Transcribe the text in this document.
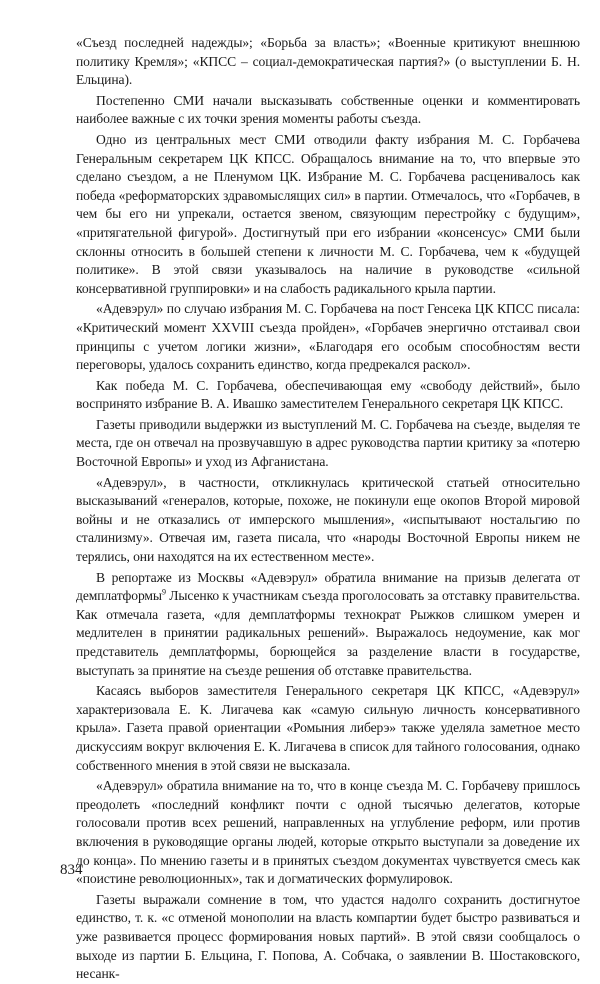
«Съезд последней надежды»; «Борьба за власть»; «Военные критикуют внешнюю политику Кремля»; «КПСС – социал-демократическая партия?» (о выступлении Б. Н. Ельцина).

Постепенно СМИ начали высказывать собственные оценки и комментировать наиболее важные с их точки зрения моменты работы съезда.

Одно из центральных мест СМИ отводили факту избрания М. С. Горбачева Генеральным секретарем ЦК КПСС. Обращалось внимание на то, что впервые это сделано съездом, а не Пленумом ЦК. Избрание М. С. Горбачева расценивалось как победа «реформаторских здравомыслящих сил» в партии. Отмечалось, что «Горбачев, в чем бы его ни упрекали, остается звеном, связующим перестройку с будущим», «притягательной фигурой». Достигнутый при его избрании «консенсус» СМИ были склонны относить в большей степени к личности М. С. Горбачева, чем к «будущей политике». В этой связи указывалось на наличие в руководстве «сильной консервативной группировки» и на слабость радикального крыла партии.

«Адевэрул» по случаю избрания М. С. Горбачева на пост Генсека ЦК КПСС писала: «Критический момент XXVIII съезда пройден», «Горбачев энергично отстаивал свои принципы с учетом логики жизни», «Благодаря его особым способностям вести переговоры, удалось сохранить единство, когда предрекался раскол».

Как победа М. С. Горбачева, обеспечивающая ему «свободу действий», было воспринято избрание В. А. Ивашко заместителем Генерального секретаря ЦК КПСС.

Газеты приводили выдержки из выступлений М. С. Горбачева на съезде, выделяя те места, где он отвечал на прозвучавшую в адрес руководства партии критику за «потерю Восточной Европы» и уход из Афганистана.

«Адевэрул», в частности, откликнулась критической статьей относительно высказываний «генералов, которые, похоже, не покинули еще окопов Второй мировой войны и не отказались от имперского мышления», «испытывают ностальгию по сталинизму». Отвечая им, газета писала, что «народы Восточной Европы никем не терялись, они находятся на их естественном месте».

В репортаже из Москвы «Адевэрул» обратила внимание на призыв делегата от демплатформы$^9$ Лысенко к участникам съезда проголосовать за отставку правительства. Как отмечала газета, «для демплатформы технократ Рыжков слишком умерен и медлителен в принятии радикальных решений». Выражалось недоумение, как мог представитель демплатформы, борющейся за разделение власти в государстве, выступать за принятие на съезде решения об отставке правительства.

Касаясь выборов заместителя Генерального секретаря ЦК КПСС, «Адевэрул» характеризовала Е. К. Лигачева как «самую сильную личность консервативного крыла». Газета правой ориентации «Ромыния либерэ» также уделяла заметное место дискуссиям вокруг включения Е. К. Лигачева в список для тайного голосования, однако собственного мнения в этой связи не высказала.

«Адевэрул» обратила внимание на то, что в конце съезда М. С. Горбачеву пришлось преодолеть «последний конфликт почти с одной тысячью делегатов, которые голосовали против всех решений, направленных на углубление реформ, или против включения в руководящие органы людей, которые открыто выступали за доведение их до конца». По мнению газеты и в принятых съездом документах чувствуется смесь как «поистине революционных», так и догматических формулировок.

Газеты выражали сомнение в том, что удастся надолго сохранить достигнутое единство, т. к. «с отменой монополии на власть компартии будет быстро развиваться и уже развивается процесс формирования новых партий». В этой связи сообщалось о выходе из партии Б. Ельцина, Г. Попова, А. Собчака, о заявлении В. Шостаковского, несанк-

834
